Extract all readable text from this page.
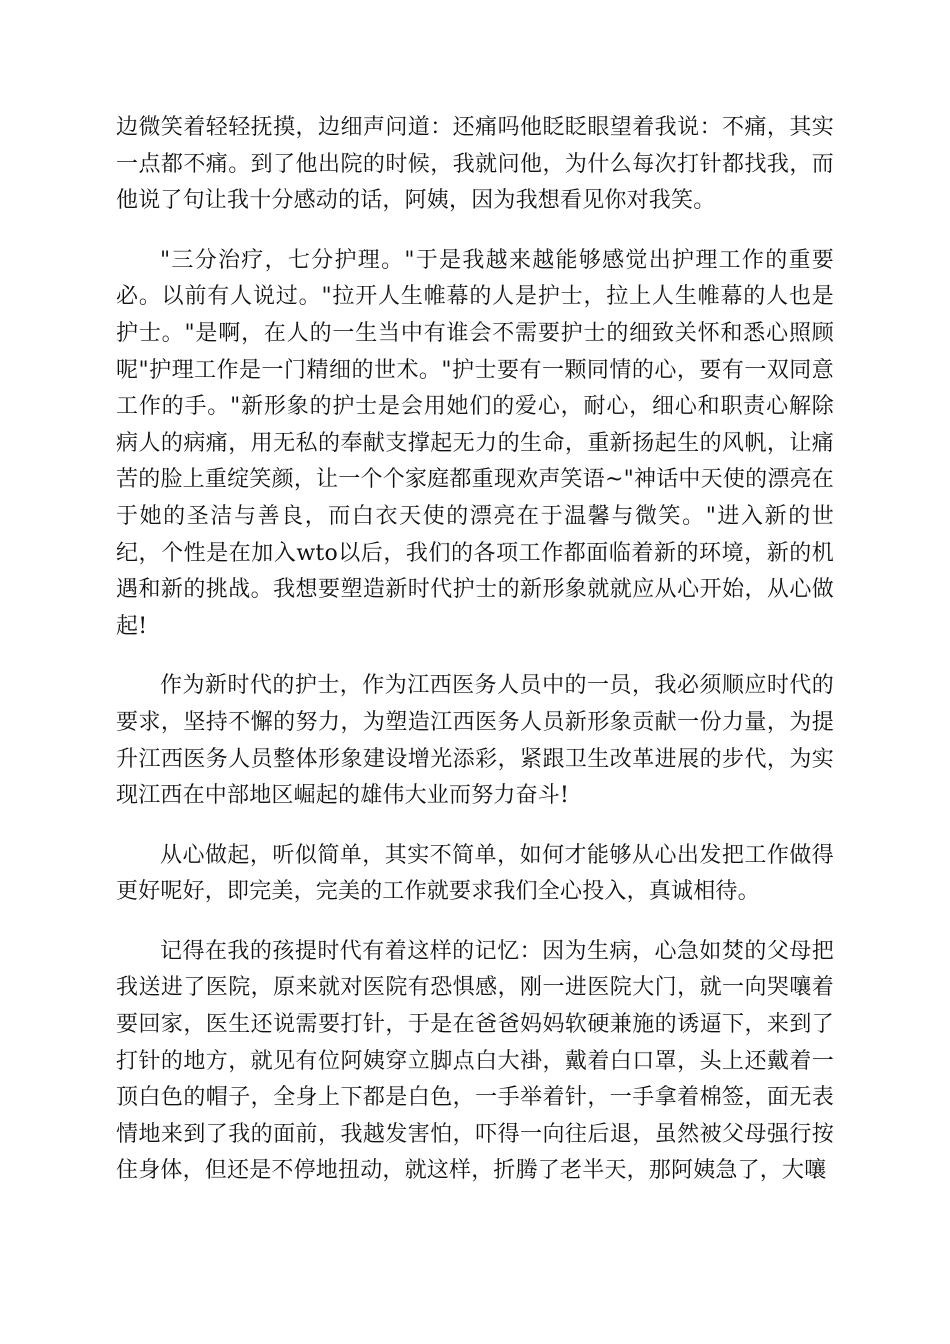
边微笑着轻轻抚摸，边细声问道：还痛吗他眨眨眼望着我说：不痛，其实一点都不痛。到了他出院的时候，我就问他，为什么每次打针都找我，而他说了句让我十分感动的话，阿姨，因为我想看见你对我笑。

"三分治疗，七分护理。"于是我越来越能够感觉出护理工作的重要必。以前有人说过。"拉开人生帷幕的人是护士，拉上人生帷幕的人也是护士。"是啊，在人的一生当中有谁会不需要护士的细致关怀和悉心照顾呢"护理工作是一门精细的世术。"护士要有一颗同情的心，要有一双同意工作的手。"新形象的护士是会用她们的爱心，耐心，细心和职责心解除病人的病痛，用无私的奉献支撑起无力的生命，重新扬起生的风帆，让痛苦的脸上重绽笑颜，让一个个家庭都重现欢声笑语~"神话中天使的漂亮在于她的圣洁与善良，而白衣天使的漂亮在于温馨与微笑。"进入新的世纪，个性是在加入wto以后，我们的各项工作都面临着新的环境，新的机遇和新的挑战。我想要塑造新时代护士的新形象就就应从心开始，从心做起!

作为新时代的护士，作为江西医务人员中的一员，我必须顺应时代的要求，坚持不懈的努力，为塑造江西医务人员新形象贡献一份力量，为提升江西医务人员整体形象建设增光添彩，紧跟卫生改革进展的步代，为实现江西在中部地区崛起的雄伟大业而努力奋斗!

从心做起，听似简单，其实不简单，如何才能够从心出发把工作做得更好呢好，即完美，完美的工作就要求我们全心投入，真诚相待。

记得在我的孩提时代有着这样的记忆：因为生病，心急如焚的父母把我送进了医院，原来就对医院有恐惧感，刚一进医院大门，就一向哭嚷着要回家，医生还说需要打针，于是在爸爸妈妈软硬兼施的诱逼下，来到了打针的地方，就见有位阿姨穿立脚点白大褂，戴着白口罩，头上还戴着一顶白色的帽子，全身上下都是白色，一手举着针，一手拿着棉签，面无表情地来到了我的面前，我越发害怕，吓得一向往后退，虽然被父母强行按住身体，但还是不停地扭动，就这样，折腾了老半天，那阿姨急了，大嚷
